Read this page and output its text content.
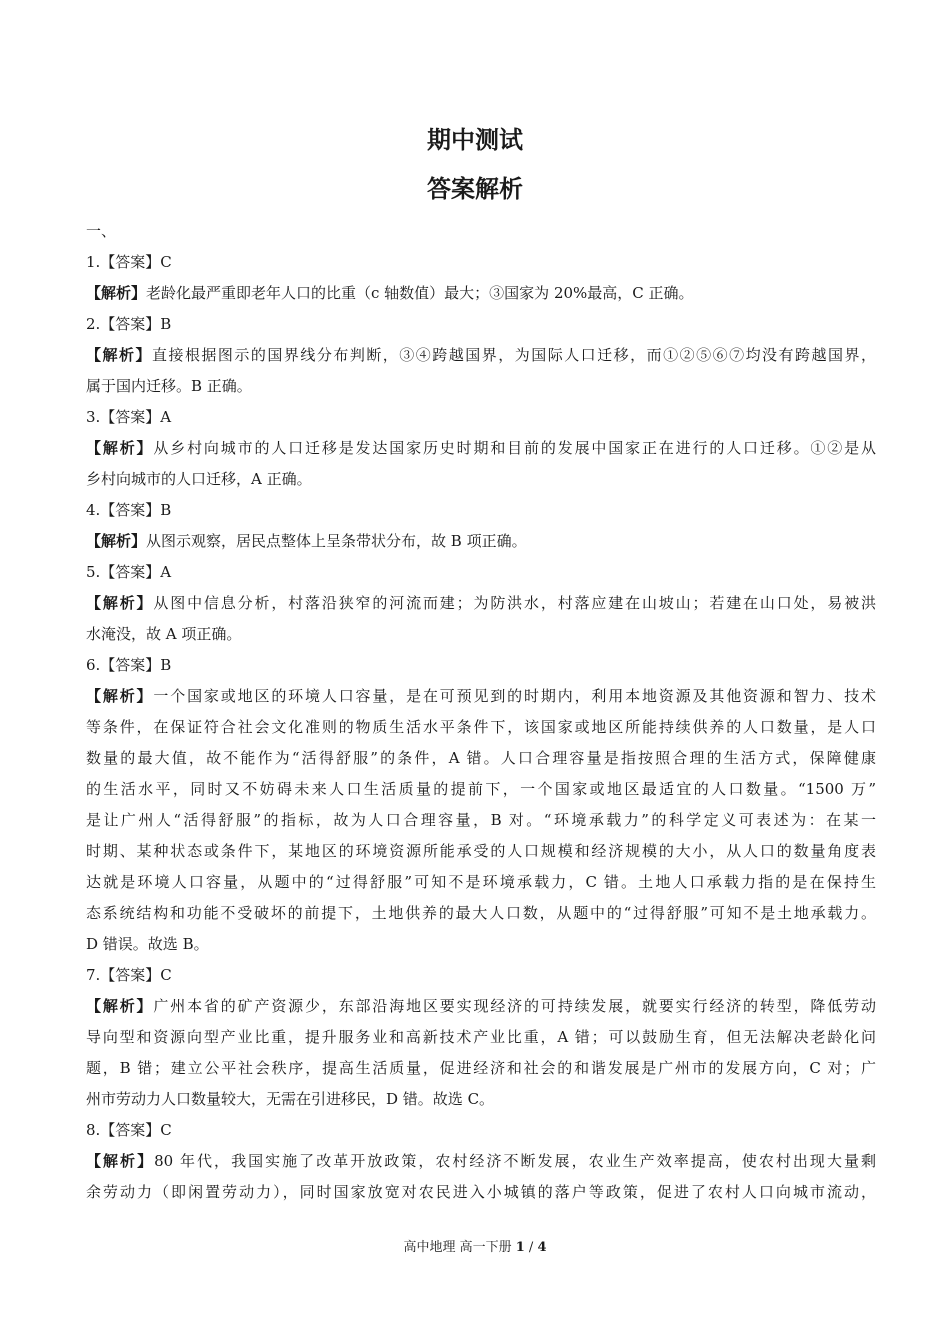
期中测试
答案解析
一、
1.【答案】C
【解析】老龄化最严重即老年人口的比重（c 轴数值）最大；③国家为 20%最高，C 正确。
2.【答案】B
【解析】直接根据图示的国界线分布判断，③④跨越国界，为国际人口迁移，而①②⑤⑥⑦均没有跨越国界，
属于国内迁移。B 正确。
3.【答案】A
【解析】从乡村向城市的人口迁移是发达国家历史时期和目前的发展中国家正在进行的人口迁移。①②是从
乡村向城市的人口迁移，A 正确。
4.【答案】B
【解析】从图示观察，居民点整体上呈条带状分布，故 B 项正确。
5.【答案】A
【解析】从图中信息分析，村落沿狭窄的河流而建；为防洪水，村落应建在山坡山；若建在山口处，易被洪
水淹没，故 A 项正确。
6.【答案】B
【解析】一个国家或地区的环境人口容量，是在可预见到的时期内，利用本地资源及其他资源和智力、技术
等条件，在保证符合社会文化准则的物质生活水平条件下，该国家或地区所能持续供养的人口数量，是人口
数量的最大值，故不能作为“活得舒服”的条件，A 错。人口合理容量是指按照合理的生活方式，保障健康
的生活水平，同时又不妨碍未来人口生活质量的提前下，一个国家或地区最适宜的人口数量。“1500 万”
是让广州人“活得舒服”的指标，故为人口合理容量，B 对。“环境承载力”的科学定义可表述为：在某一
时期、某种状态或条件下，某地区的环境资源所能承受的人口规模和经济规模的大小，从人口的数量角度表
达就是环境人口容量，从题中的“过得舒服”可知不是环境承载力，C 错。土地人口承载力指的是在保持生
态系统结构和功能不受破坏的前提下，土地供养的最大人口数，从题中的“过得舒服”可知不是土地承载力。
D 错误。故选 B。
7.【答案】C
【解析】广州本省的矿产资源少，东部沿海地区要实现经济的可持续发展，就要实行经济的转型，降低劳动
导向型和资源向型产业比重，提升服务业和高新技术产业比重，A 错；可以鼓励生育，但无法解决老龄化问
题，B 错；建立公平社会秩序，提高生活质量，促进经济和社会的和谐发展是广州市的发展方向，C 对；广
州市劳动力人口数量较大，无需在引进移民，D 错。故选 C。
8.【答案】C
【解析】80 年代，我国实施了改革开放政策，农村经济不断发展，农业生产效率提高，使农村出现大量剩
余劳动力（即闲置劳动力），同时国家放宽对农民进入小城镇的落户等政策，促进了农村人口向城市流动，
高中地理 高一下册 1 / 4
